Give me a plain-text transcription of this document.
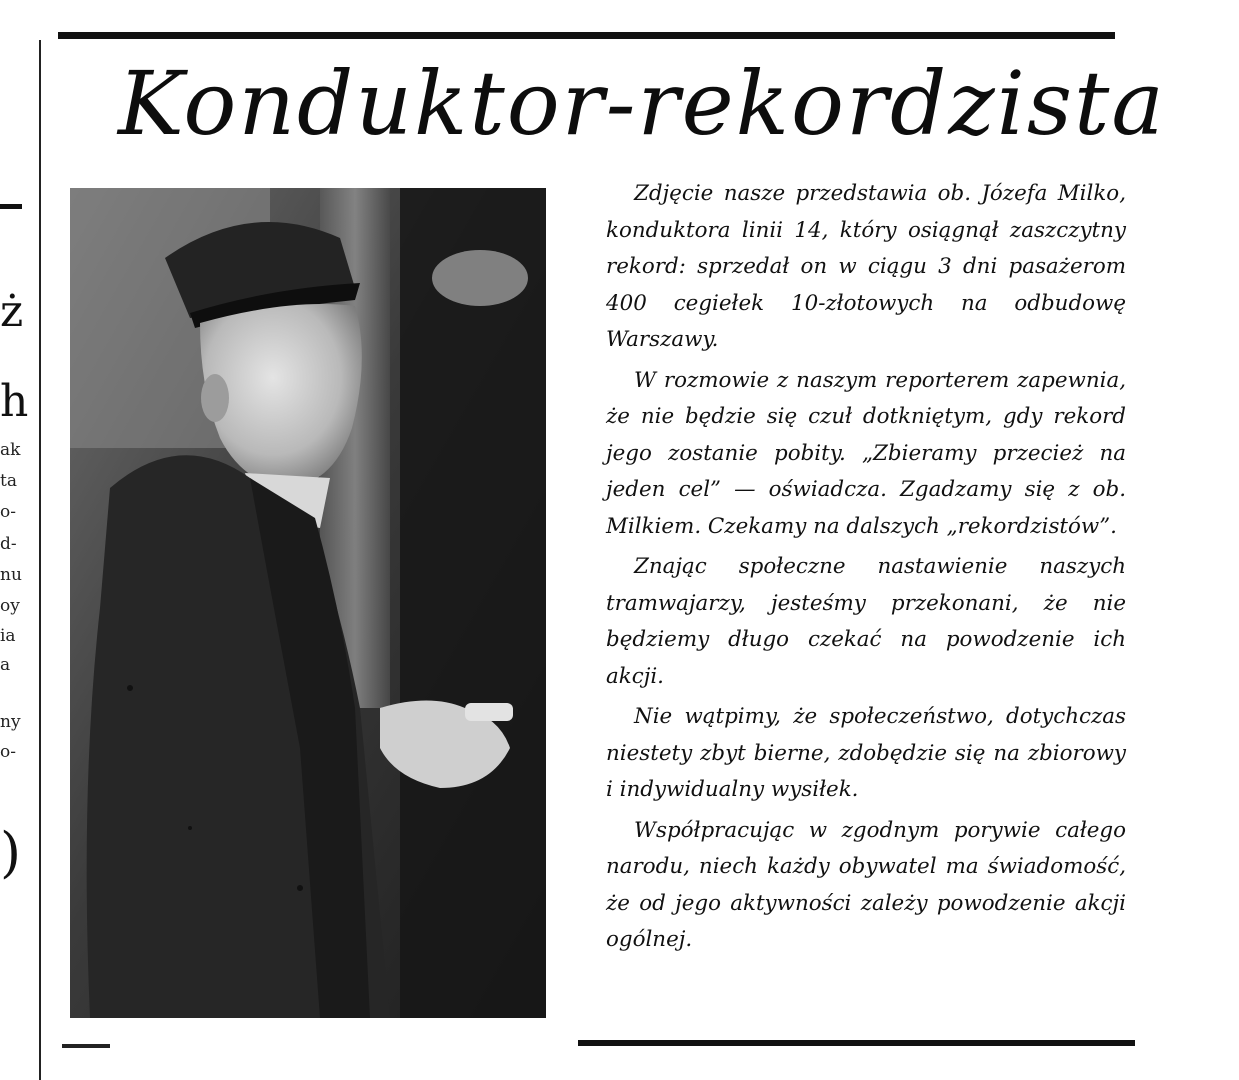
ż
h
ak
ta
o-
d-
nu
oy
ia
a
ny
o-
)
Konduktor-rekordzista

Zdjęcie nasze przedstawia ob. Józefa Milko, konduktora linii 14, który osiągnął zaszczytny rekord: sprzedał on w ciągu 3 dni pasażerom 400 cegiełek 10-złotowych na odbudowę Warszawy.

W rozmowie z naszym reporterem zapewnia, że nie będzie się czuł dotkniętym, gdy rekord jego zostanie pobity. „Zbieramy przecież na jeden cel” — oświadcza. Zgadzamy się z ob. Milkiem. Czekamy na dalszych „rekordzistów”.

Znając społeczne nastawienie naszych tramwajarzy, jesteśmy przekonani, że nie będziemy długo czekać na powodzenie ich akcji.

Nie wątpimy, że społeczeństwo, dotychczas niestety zbyt bierne, zdobędzie się na zbiorowy i indywidualny wysiłek.

Współpracując w zgodnym porywie całego narodu, niech każdy obywatel ma świadomość, że od jego aktywności zależy powodzenie akcji ogólnej.
